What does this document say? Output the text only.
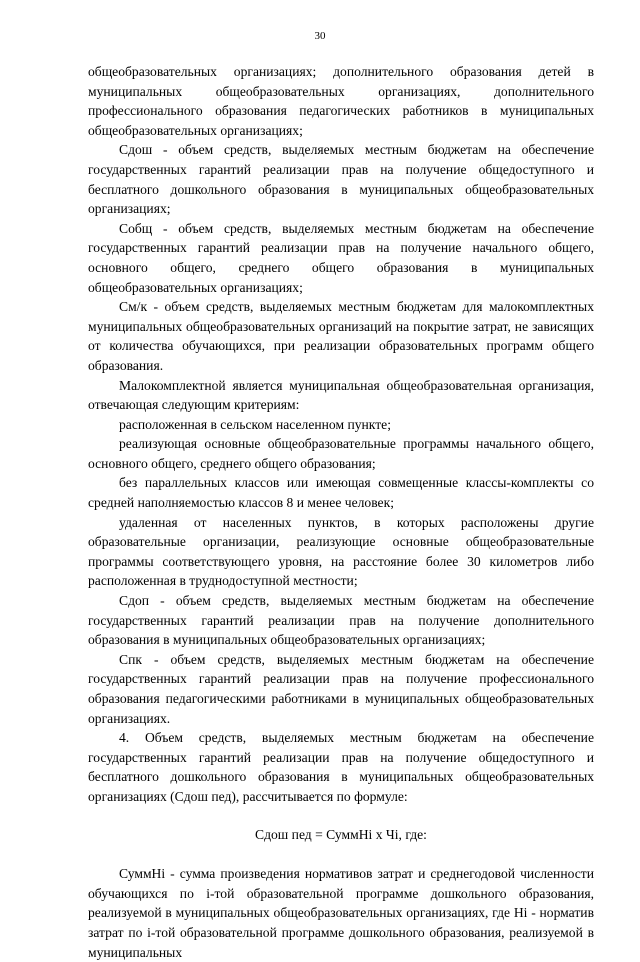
30

общеобразовательных организациях; дополнительного образования детей в муниципальных общеобразовательных организациях, дополнительного профессионального образования педагогических работников в муниципальных общеобразовательных организациях;

Сдош - объем средств, выделяемых местным бюджетам на обеспечение государственных гарантий реализации прав на получение общедоступного и бесплатного дошкольного образования в муниципальных общеобразовательных организациях;

Собщ - объем средств, выделяемых местным бюджетам на обеспечение государственных гарантий реализации прав на получение начального общего, основного общего, среднего общего образования в муниципальных общеобразовательных организациях;

См/к - объем средств, выделяемых местным бюджетам для малокомплектных муниципальных общеобразовательных организаций на покрытие затрат, не зависящих от количества обучающихся, при реализации образовательных программ общего образования.

Малокомплектной является муниципальная общеобразовательная организация, отвечающая следующим критериям:

расположенная в сельском населенном пункте;

реализующая основные общеобразовательные программы начального общего, основного общего, среднего общего образования;

без параллельных классов или имеющая совмещенные классы-комплекты со средней наполняемостью классов 8 и менее человек;

удаленная от населенных пунктов, в которых расположены другие образовательные организации, реализующие основные общеобразовательные программы соответствующего уровня, на расстояние более 30 километров либо расположенная в труднодоступной местности;

Сдоп - объем средств, выделяемых местным бюджетам на обеспечение государственных гарантий реализации прав на получение дополнительного образования в муниципальных общеобразовательных организациях;

Спк - объем средств, выделяемых местным бюджетам на обеспечение государственных гарантий реализации прав на получение профессионального образования педагогическими работниками в муниципальных общеобразовательных организациях.

4. Объем средств, выделяемых местным бюджетам на обеспечение государственных гарантий реализации прав на получение общедоступного и бесплатного дошкольного образования в муниципальных общеобразовательных организациях (Сдош пед), рассчитывается по формуле:

Сдош пед = СуммНi х Чi, где:

СуммНi - сумма произведения нормативов затрат и среднегодовой численности обучающихся по i-той образовательной программе дошкольного образования, реализуемой в муниципальных общеобразовательных организациях, где Нi - норматив затрат по i-той образовательной программе дошкольного образования, реализуемой в муниципальных
